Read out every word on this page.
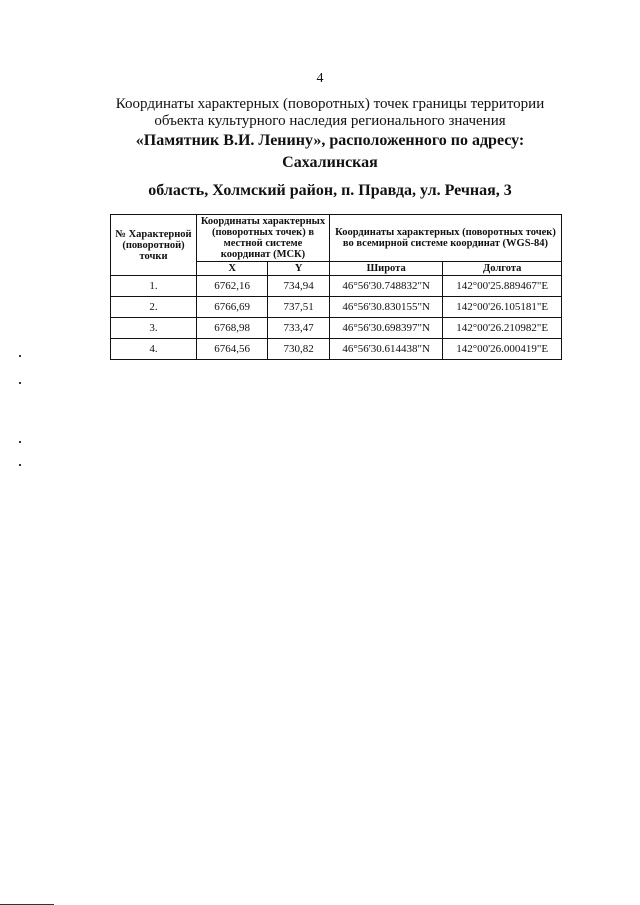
4
Координаты характерных (поворотных) точек границы территории
объекта культурного наследия регионального значения
«Памятник В.И. Ленину», расположенного по адресу: Сахалинская
область, Холмский район, п. Правда, ул. Речная, 3
№ Характерной (поворотной) точки	Координаты характерных (поворотных точек) в местной системе координат (МСК)		Координаты характерных (поворотных точек) во всемирной системе координат (WGS-84)	
	X	Y	Широта	Долгота
1.	6762,16	734,94	46°56'30.748832"N	142°00'25.889467"E
2.	6766,69	737,51	46°56'30.830155"N	142°00'26.105181"E
3.	6768,98	733,47	46°56'30.698397"N	142°00'26.210982"E
4.	6764,56	730,82	46°56'30.614438"N	142°00'26.000419"E
